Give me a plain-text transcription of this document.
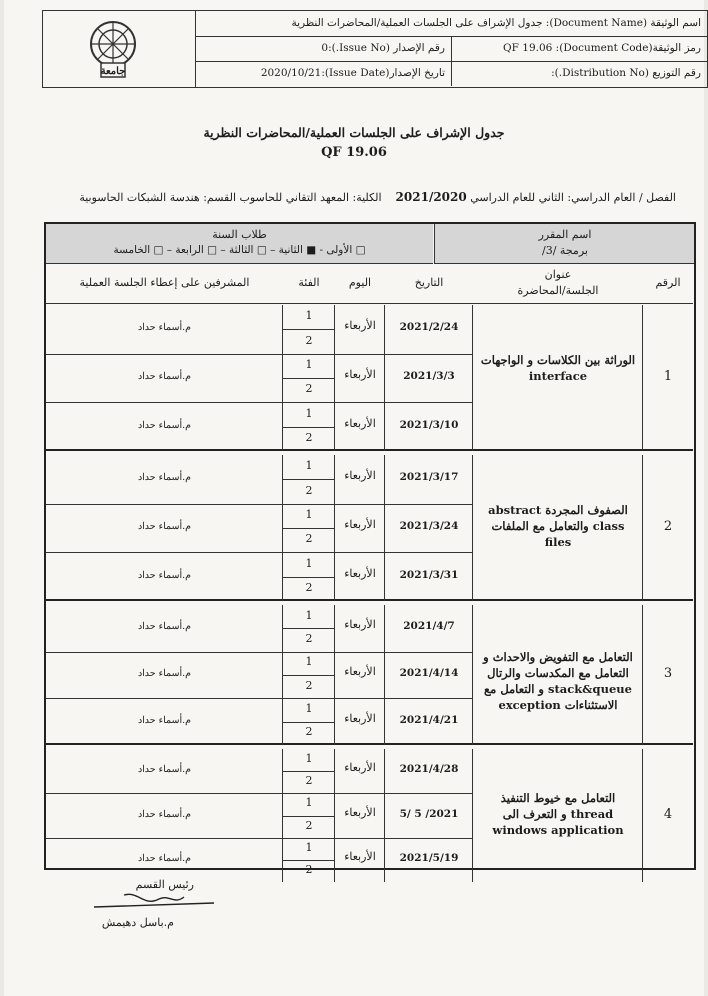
جامعة
اسم الوثيقة (Document Name): جدول الإشراف على الجلسات العملية/المحاضرات النظرية
رمز الوثيقة(Document Code): QF 19.06
رقم الإصدار (Issue No.):0
رقم التوزيع (Distribution No.):
تاريخ الإصدار(Issue Date):2020/10/21
جدول الإشراف على الجلسات العملية/المحاضرات النظرية
QF 19.06
الفصل / العام الدراسي: الثاني للعام الدراسي 2021/2020    الكلية: المعهد التقاني للحاسوب القسم: هندسة الشبكات الحاسوبية
اسم المقرر
برمجة /3/
طلاب السنة
□ الأولى - ■ الثانية – □ الثالثة – □ الرابعة – □ الخامسة
الرقم
عنوان
الجلسة/المحاضرة
التاريخ
اليوم
الفئة
المشرفين على إعطاء الجلسة العملية
1
الوراثة بين الكلاسات و الواجهات interface
2021/2/24
الأربعاء
1
2
م.أسماء حداد
2021/3/3
الأربعاء
1
2
م.أسماء حداد
2021/3/10
الأربعاء
1
2
م.أسماء حداد
2
الصفوف المجردة abstract class والتعامل مع الملفات files
2021/3/17
الأربعاء
1
2
م.أسماء حداد
2021/3/24
الأربعاء
1
2
م.أسماء حداد
2021/3/31
الأربعاء
1
2
م.أسماء حداد
3
التعامل مع التفويض والاحداث و التعامل مع المكدسات والرتال stack&queue و التعامل مع الاستثناءات exception
2021/4/7
الأربعاء
1
2
م.أسماء حداد
2021/4/14
الأربعاء
1
2
م.أسماء حداد
2021/4/21
الأربعاء
1
2
م.أسماء حداد
4
التعامل مع خيوط التنفيذ thread و التعرف الى windows application
2021/4/28
الأربعاء
1
2
م.أسماء حداد
2021/ 5 /5
الأربعاء
1
2
م.أسماء حداد
2021/5/19
الأربعاء
1
2
م.أسماء حداد
رئيس القسم
م.باسل دهيمش
